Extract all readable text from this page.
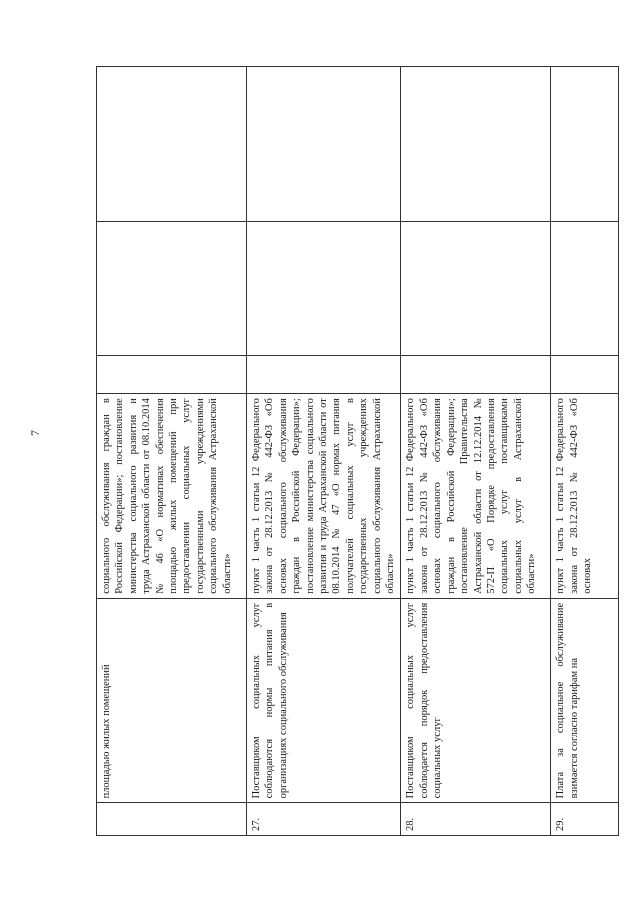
7

	площадью жилых помещений	социального обслуживания граждан в Российской Федерации»; постановление министерства социального развития и труда Астраханской области от 08.10.2014 № 46 «О нормативах обеспечения площадью жилых помещений при предоставлении социальных услуг государственными учреждениями социального обслуживания Астраханской области»			

27.	Поставщиком социальных услуг соблюдаются нормы питания в организациях социального обслуживания	пункт 1 часть 1 статьи 12 Федерального закона от 28.12.2013 № 442-ФЗ «Об основах социального обслуживания граждан в Российской Федерации»; постановление министерства социального развития и труда Астраханской области от 08.10.2014 № 47 «О нормах питания получателей социальных услуг в государственных учреждениях социального обслуживания Астраханской области»			

28.	Поставщиком социальных услуг соблюдается порядок предоставления социальных услуг	пункт 1 часть 1 статьи 12 Федерального закона от 28.12.2013 № 442-ФЗ «Об основах социального обслуживания граждан в Российской Федерации»; постановление Правительства Астраханской области от 12.12.2014 № 572-П «О Порядке предоставления социальных услуг поставщиками социальных услуг в Астраханской области»			

29.	Плата за социальное обслуживание взимается согласно тарифам на	пункт 1 часть 1 статьи 12 Федерального закона от 28.12.2013 № 442-ФЗ «Об основах			
